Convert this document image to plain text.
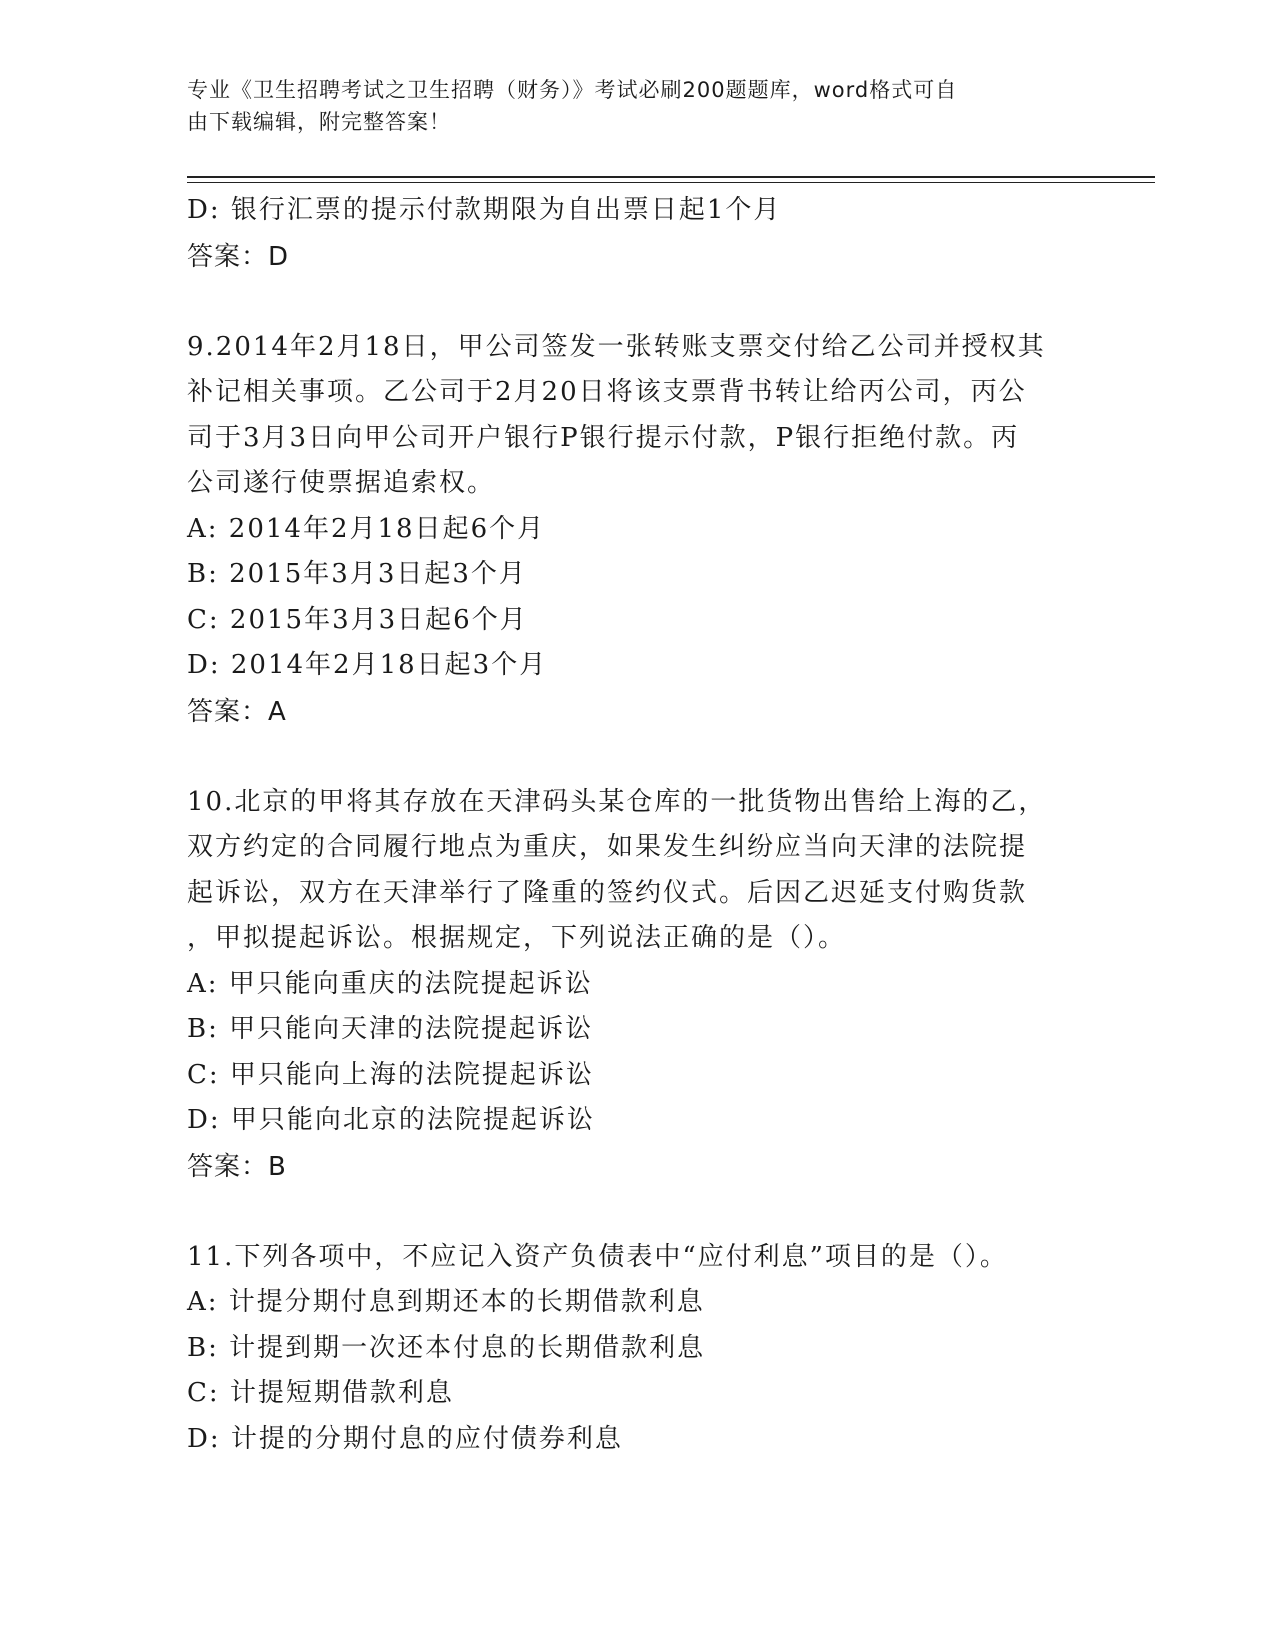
专业《卫生招聘考试之卫生招聘（财务）》考试必刷200题题库，word格式可自
由下载编辑，附完整答案！
D: 银行汇票的提示付款期限为自出票日起1个月
答案：D
9.2014年2月18日，甲公司签发一张转账支票交付给乙公司并授权其
补记相关事项。乙公司于2月20日将该支票背书转让给丙公司，丙公
司于3月3日向甲公司开户银行P银行提示付款，P银行拒绝付款。丙
公司遂行使票据追索权。
A: 2014年2月18日起6个月
B: 2015年3月3日起3个月
C: 2015年3月3日起6个月
D: 2014年2月18日起3个月
答案：A
10.北京的甲将其存放在天津码头某仓库的一批货物出售给上海的乙，
双方约定的合同履行地点为重庆，如果发生纠纷应当向天津的法院提
起诉讼，双方在天津举行了隆重的签约仪式。后因乙迟延支付购货款
，甲拟提起诉讼。根据规定，下列说法正确的是（）。
A: 甲只能向重庆的法院提起诉讼
B: 甲只能向天津的法院提起诉讼
C: 甲只能向上海的法院提起诉讼
D: 甲只能向北京的法院提起诉讼
答案：B
11.下列各项中，不应记入资产负债表中“应付利息”项目的是（）。
A: 计提分期付息到期还本的长期借款利息
B: 计提到期一次还本付息的长期借款利息
C: 计提短期借款利息
D: 计提的分期付息的应付债券利息
